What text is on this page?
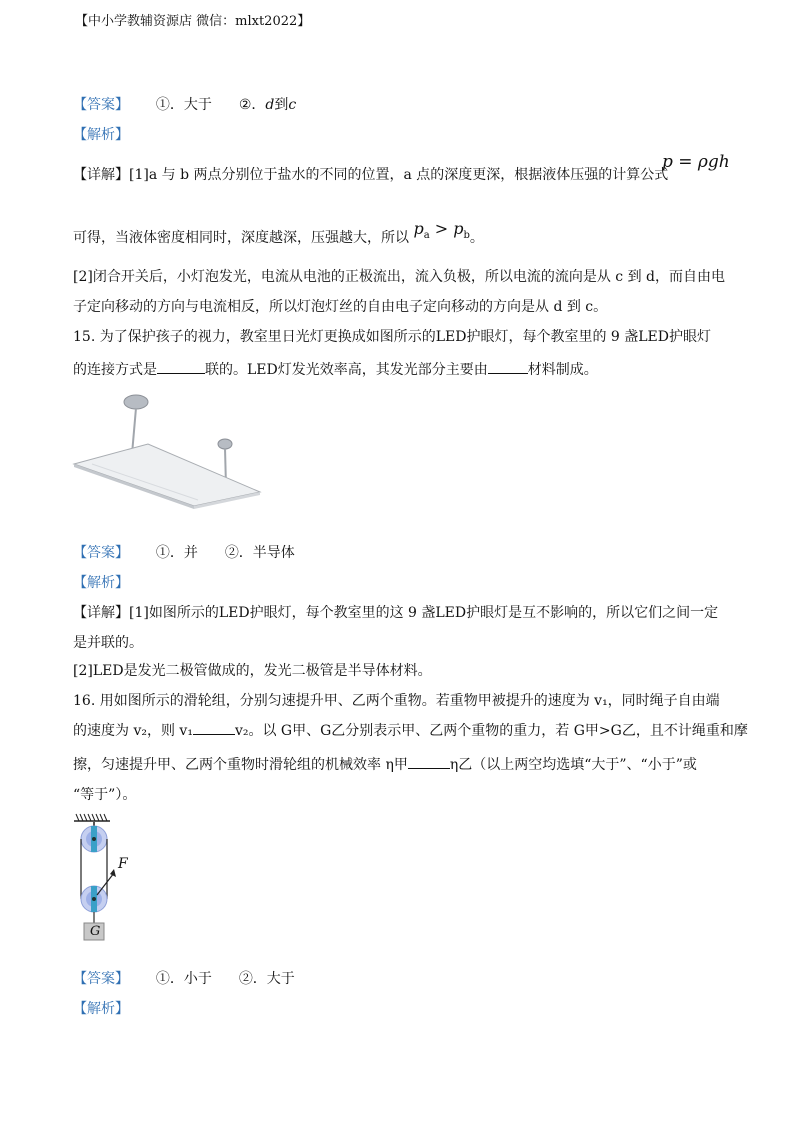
【中小学教辅资源店 微信：mlxt2022】
【答案】 ①．大于 ②．d到c
【解析】
【详解】[1]a 与 b 两点分别位于盐水的不同的位置，a 点的深度更深，根据液体压强的计算公式
p = ρgh
可得，当液体密度相同时，深度越深，压强越大，所以 $p_a > p_b$。
[2]闭合开关后，小灯泡发光，电流从电池的正极流出，流入负极，所以电流的流向是从 c 到 d，而自由电
子定向移动的方向与电流相反，所以灯泡灯丝的自由电子定向移动的方向是从 d 到 c。
15. 为了保护孩子的视力，教室里日光灯更换成如图所示的LED护眼灯，每个教室里的 9 盏LED护眼灯
的连接方式是	联的。LED灯发光效率高，其发光部分主要由	材料制成。
【答案】 ①．并 ②．半导体
【解析】
【详解】[1]如图所示的LED护眼灯，每个教室里的这 9 盏LED护眼灯是互不影响的，所以它们之间一定
是并联的。
[2]LED是发光二极管做成的，发光二极管是半导体材料。
16. 用如图所示的滑轮组，分别匀速提升甲、乙两个重物。若重物甲被提升的速度为 v₁，同时绳子自由端
的速度为 v₂，则 v₁	v₂。以 G甲、G乙分别表示甲、乙两个重物的重力，若 G甲>G乙，且不计绳重和摩
擦，匀速提升甲、乙两个重物时滑轮组的机械效率 η甲	η乙（以上两空均选填“大于”、“小于”或
“等于”）。
F
G
【答案】 ①．小于 ②．大于
【解析】
